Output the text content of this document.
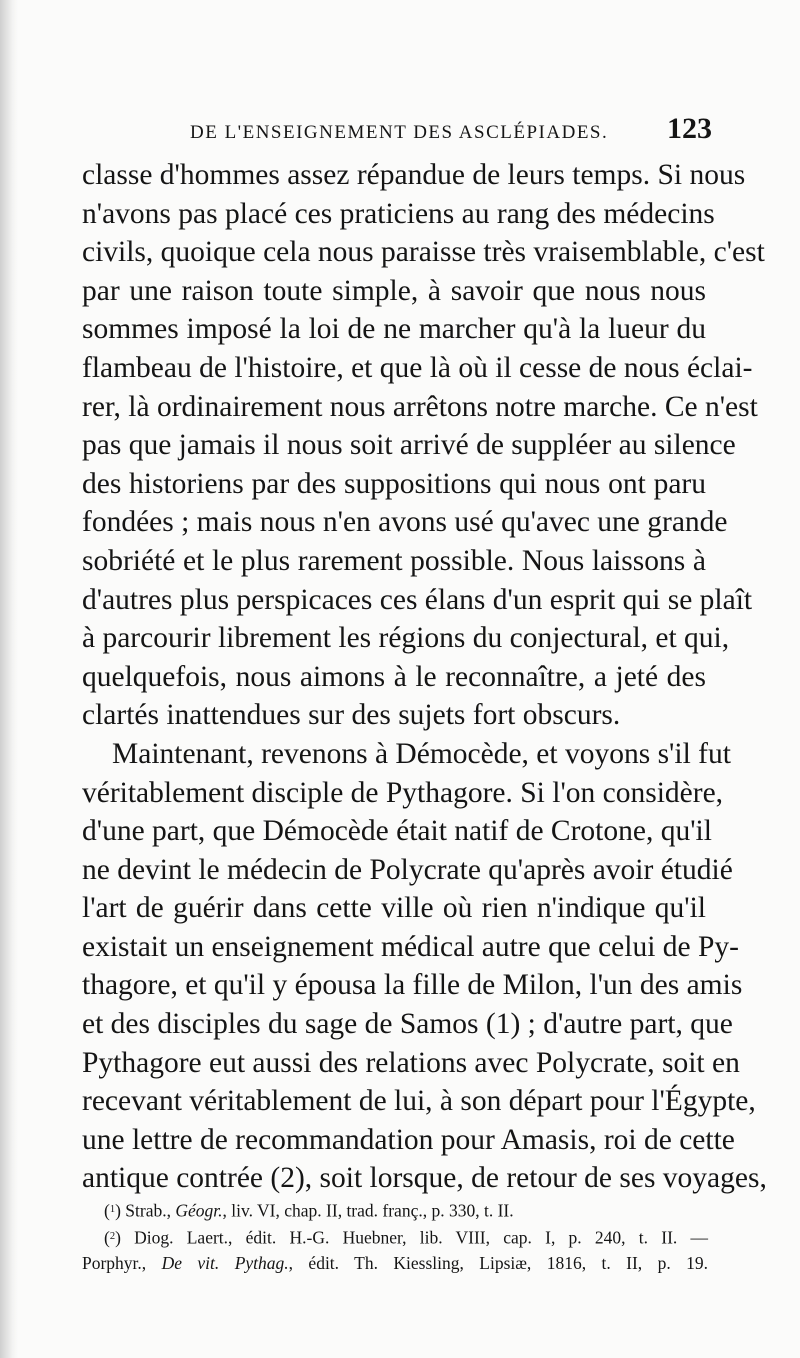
DE L'ENSEIGNEMENT DES ASCLÉPIADES. 123
classe d'hommes assez répandue de leurs temps. Si nous
n'avons pas placé ces praticiens au rang des médecins
civils, quoique cela nous paraisse très vraisemblable, c'est
par une raison toute simple, à savoir que nous nous
sommes imposé la loi de ne marcher qu'à la lueur du
flambeau de l'histoire, et que là où il cesse de nous éclai-
rer, là ordinairement nous arrêtons notre marche. Ce n'est
pas que jamais il nous soit arrivé de suppléer au silence
des historiens par des suppositions qui nous ont paru
fondées ; mais nous n'en avons usé qu'avec une grande
sobriété et le plus rarement possible. Nous laissons à
d'autres plus perspicaces ces élans d'un esprit qui se plaît
à parcourir librement les régions du conjectural, et qui,
quelquefois, nous aimons à le reconnaître, a jeté des
clartés inattendues sur des sujets fort obscurs.
Maintenant, revenons à Démocède, et voyons s'il fut
véritablement disciple de Pythagore. Si l'on considère,
d'une part, que Démocède était natif de Crotone, qu'il
ne devint le médecin de Polycrate qu'après avoir étudié
l'art de guérir dans cette ville où rien n'indique qu'il
existait un enseignement médical autre que celui de Py-
thagore, et qu'il y épousa la fille de Milon, l'un des amis
et des disciples du sage de Samos (1) ; d'autre part, que
Pythagore eut aussi des relations avec Polycrate, soit en
recevant véritablement de lui, à son départ pour l'Égypte,
une lettre de recommandation pour Amasis, roi de cette
antique contrée (2), soit lorsque, de retour de ses voyages,
($^1$) Strab., Géogr., liv. VI, chap. II, trad. franç., p. 330, t. II.
($^2$) Diog. Laert., édit. H.-G. Huebner, lib. VIII, cap. I, p. 240, t. II. —
Porphyr., De vit. Pythag., édit. Th. Kiessling, Lipsiæ, 1816, t. II, p. 19.
